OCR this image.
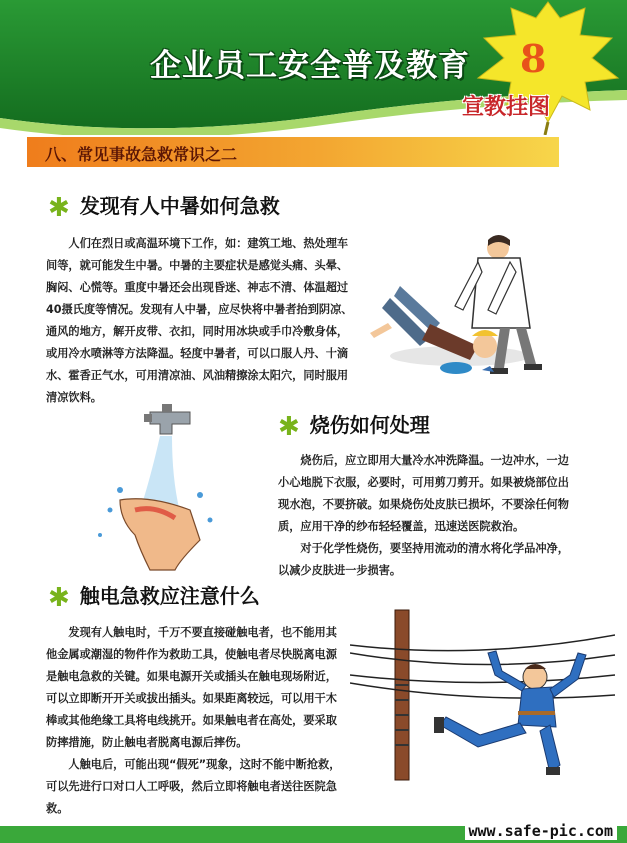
企业员工安全普及教育 8
宣教挂图
八、常见事故急救常识之二
✱ 发现有人中暑如何急救

人们在烈日或高温环境下工作，如：建筑工地、热处理车间等，就可能发生中暑。中暑的主要症状是感觉头痛、头晕、胸闷、心慌等。重度中暑还会出现昏迷、神志不清、体温超过40摄氏度等情况。发现有人中暑，应尽快将中暑者抬到阴凉、通风的地方，解开皮带、衣扣，同时用冰块或手巾冷敷身体，或用冷水喷淋等方法降温。轻度中暑者，可以口服人丹、十滴水、霍香正气水，可用清凉油、风油精擦涂太阳穴，同时服用清凉饮料。

✱ 烧伤如何处理

烧伤后，应立即用大量冷水冲洗降温。一边冲水，一边小心地脱下衣服，必要时，可用剪刀剪开。如果被烧部位出现水泡，不要挤破。如果烧伤处皮肤已损坏，不要涂任何物质，应用干净的纱布轻轻覆盖，迅速送医院救治。

对于化学性烧伤，要坚持用流动的清水将化学品冲净，以减少皮肤进一步损害。

✱ 触电急救应注意什么

发现有人触电时，千万不要直接碰触电者，也不能用其他金属或潮湿的物件作为救助工具，使触电者尽快脱离电源是触电急救的关键。如果电源开关或插头在触电现场附近，可以立即断开开关或拔出插头。如果距离较远，可以用干木棒或其他绝缘工具将电线挑开。如果触电者在高处，要采取防摔措施，防止触电者脱离电源后摔伤。

人触电后，可能出现“假死”现象，这时不能中断抢救，可以先进行口对口人工呼吸，然后立即将触电者送往医院急救。

www.safe-pic.com
